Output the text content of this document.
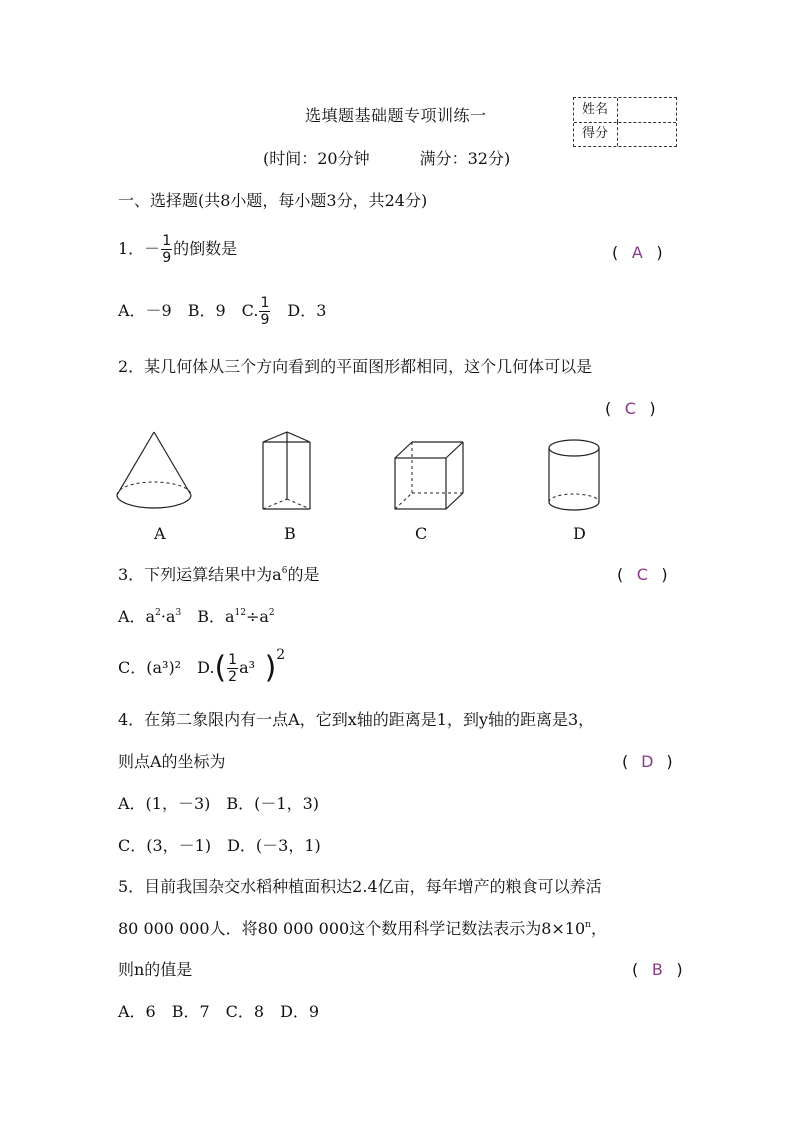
选填题基础题专项训练一
(时间：20分钟	满分：32分)
姓名
得分
一、选择题(共8小题，每小题3分，共24分)
1．－ $\frac{1}{9}$ 的倒数是	( A )
A．－9　B．9　C. $\frac{1}{9}$ 　D．3
2．某几何体从三个方向看到的平面图形都相同，这个几何体可以是
( C )
A	B	C	D
3．下列运算结果中为$a^6$的是	( C )
A．$a^2\cdot a^3$　B．$a^{12}\div a^2$
C．(a³)²　$D.( \frac{1}{2} a^3$ )2
4．在第二象限内有一点A，它到x轴的距离是1，到y轴的距离是3，
则点A的坐标为	( D )
A．(1，－3)　B．(－1，3)
C．(3，－1)　D．(－3，1)
5．目前我国杂交水稻种植面积达2.4亿亩，每年增产的粮食可以养活
80 000 000人．将80 000 000这个数用科学记数法表示为$8\times 10^n$，
则n的值是	( B )
A．6　B．7　C．8　D．9
